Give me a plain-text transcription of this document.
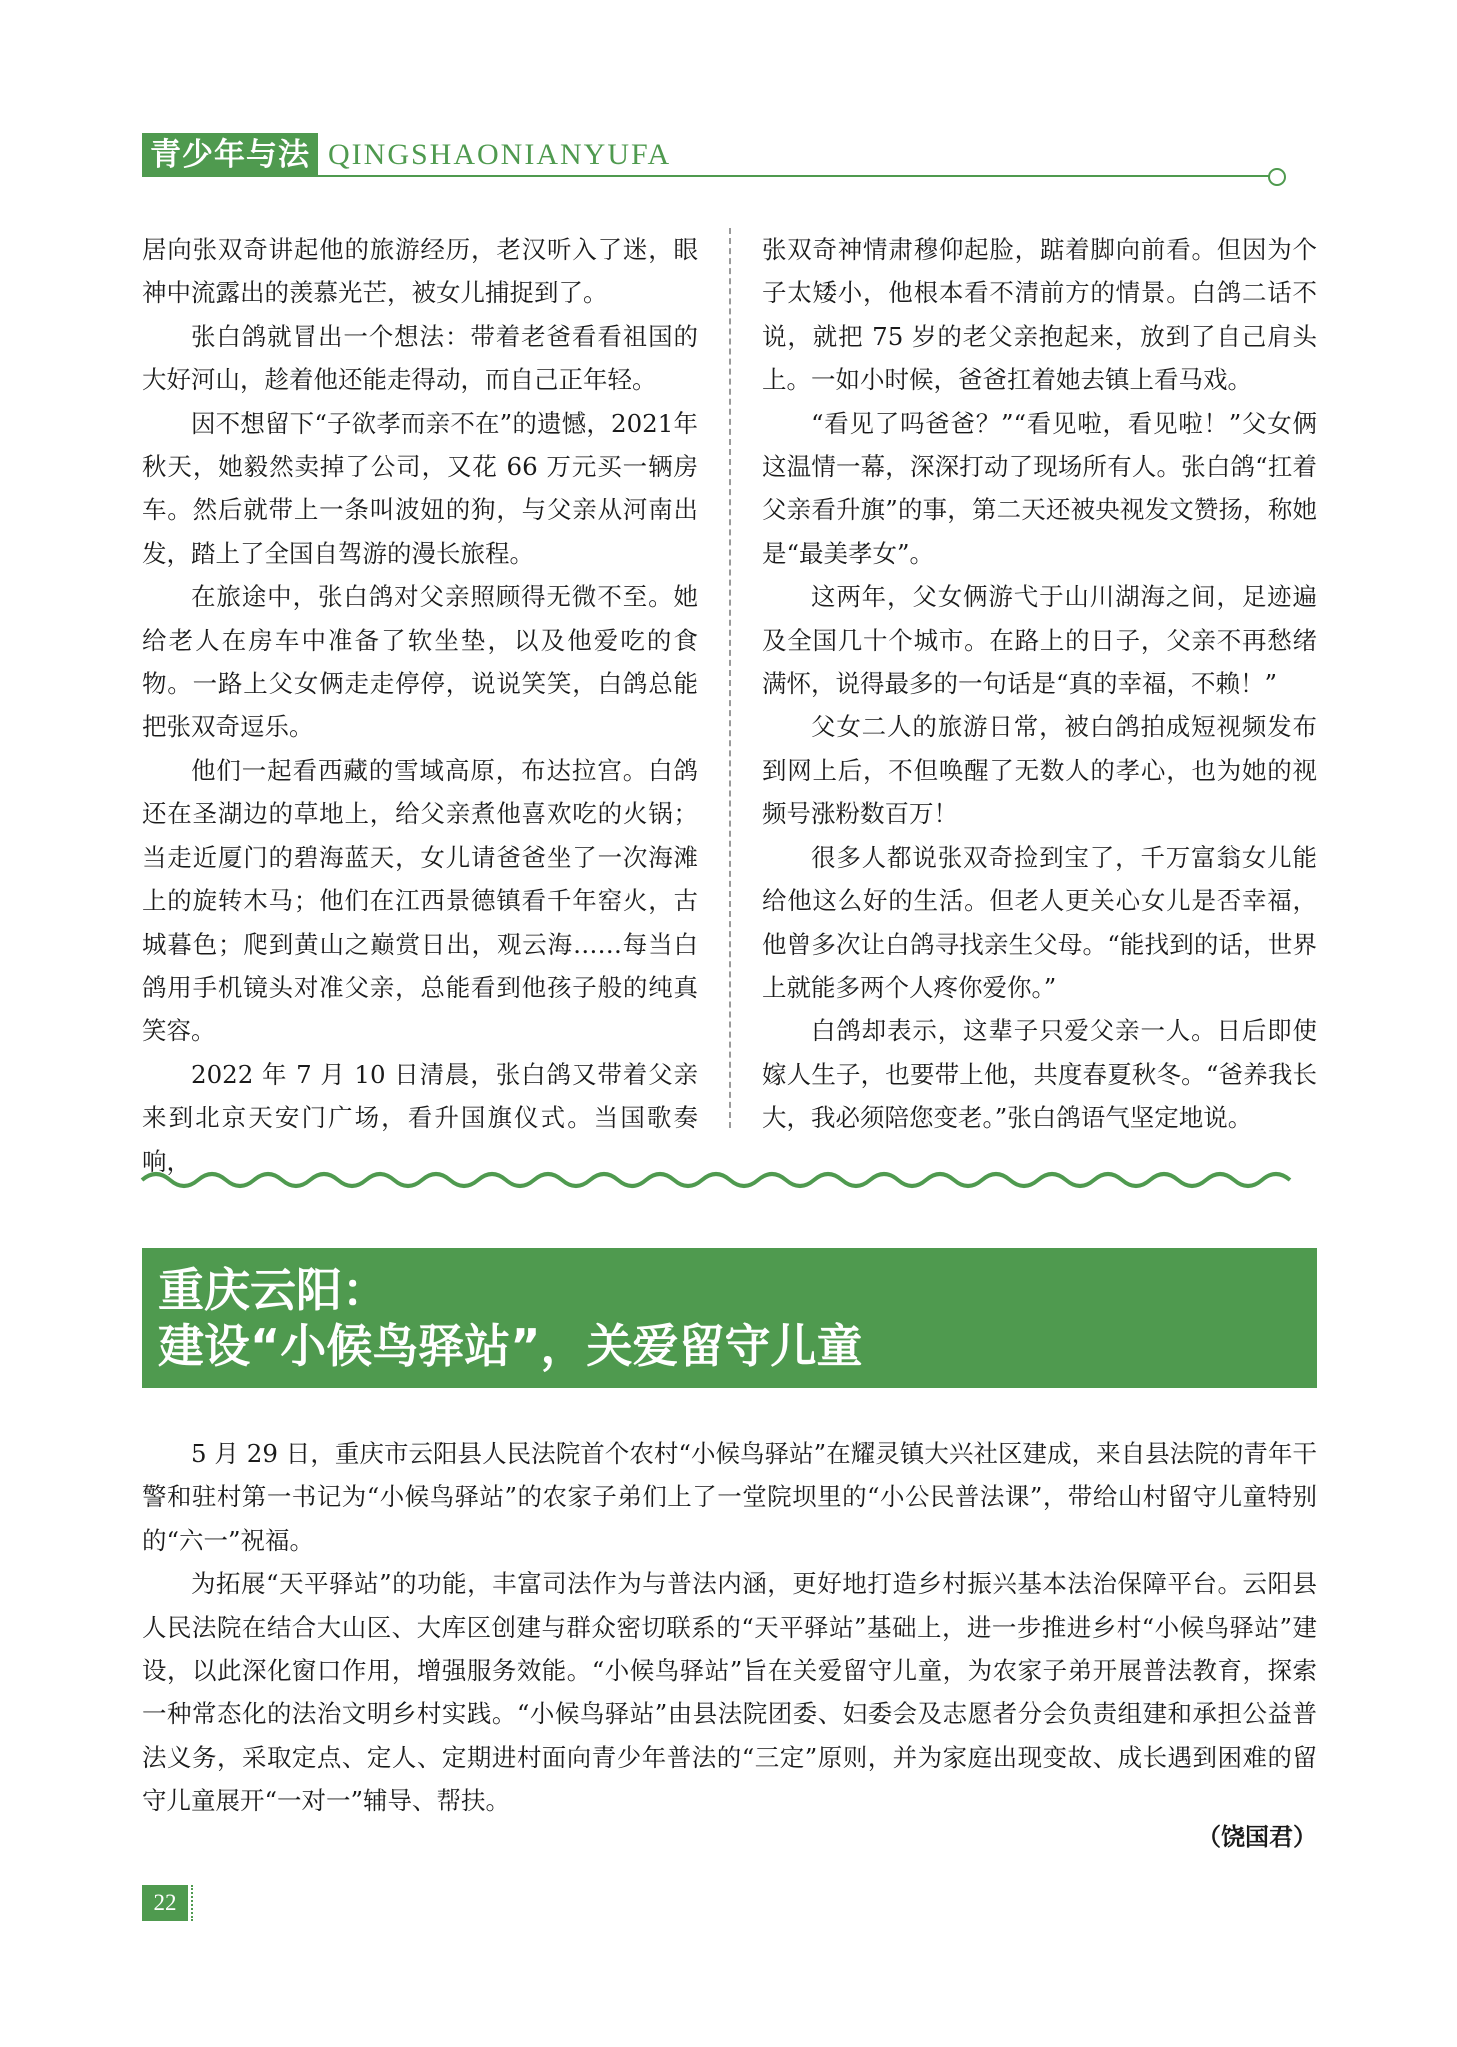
青少年与法 QINGSHAONIANYUFA

居向张双奇讲起他的旅游经历，老汉听入了迷，眼神中流露出的羡慕光芒，被女儿捕捉到了。

张白鸽就冒出一个想法：带着老爸看看祖国的大好河山，趁着他还能走得动，而自己正年轻。

因不想留下“子欲孝而亲不在”的遗憾，2021年秋天，她毅然卖掉了公司，又花 66 万元买一辆房车。然后就带上一条叫波妞的狗，与父亲从河南出发，踏上了全国自驾游的漫长旅程。

在旅途中，张白鸽对父亲照顾得无微不至。她给老人在房车中准备了软坐垫，以及他爱吃的食物。一路上父女俩走走停停，说说笑笑，白鸽总能把张双奇逗乐。

他们一起看西藏的雪域高原，布达拉宫。白鸽还在圣湖边的草地上，给父亲煮他喜欢吃的火锅；当走近厦门的碧海蓝天，女儿请爸爸坐了一次海滩上的旋转木马；他们在江西景德镇看千年窑火，古城暮色；爬到黄山之巅赏日出，观云海……每当白鸽用手机镜头对准父亲，总能看到他孩子般的纯真笑容。

2022 年 7 月 10 日清晨，张白鸽又带着父亲来到北京天安门广场，看升国旗仪式。当国歌奏响，

张双奇神情肃穆仰起脸，踮着脚向前看。但因为个子太矮小，他根本看不清前方的情景。白鸽二话不说，就把 75 岁的老父亲抱起来，放到了自己肩头上。一如小时候，爸爸扛着她去镇上看马戏。

“看见了吗爸爸？”“看见啦，看见啦！”父女俩这温情一幕，深深打动了现场所有人。张白鸽“扛着父亲看升旗”的事，第二天还被央视发文赞扬，称她是“最美孝女”。

这两年，父女俩游弋于山川湖海之间，足迹遍及全国几十个城市。在路上的日子，父亲不再愁绪满怀，说得最多的一句话是“真的幸福，不赖！”

父女二人的旅游日常，被白鸽拍成短视频发布到网上后，不但唤醒了无数人的孝心，也为她的视频号涨粉数百万！

很多人都说张双奇捡到宝了，千万富翁女儿能给他这么好的生活。但老人更关心女儿是否幸福，他曾多次让白鸽寻找亲生父母。“能找到的话，世界上就能多两个人疼你爱你。”

白鸽却表示，这辈子只爱父亲一人。日后即使嫁人生子，也要带上他，共度春夏秋冬。“爸养我长大，我必须陪您变老。”张白鸽语气坚定地说。

重庆云阳：
建设“小候鸟驿站”，关爱留守儿童

5 月 29 日，重庆市云阳县人民法院首个农村“小候鸟驿站”在耀灵镇大兴社区建成，来自县法院的青年干警和驻村第一书记为“小候鸟驿站”的农家子弟们上了一堂院坝里的“小公民普法课”，带给山村留守儿童特别的“六一”祝福。

为拓展“天平驿站”的功能，丰富司法作为与普法内涵，更好地打造乡村振兴基本法治保障平台。云阳县人民法院在结合大山区、大库区创建与群众密切联系的“天平驿站”基础上，进一步推进乡村“小候鸟驿站”建设，以此深化窗口作用，增强服务效能。“小候鸟驿站”旨在关爱留守儿童，为农家子弟开展普法教育，探索一种常态化的法治文明乡村实践。“小候鸟驿站”由县法院团委、妇委会及志愿者分会负责组建和承担公益普法义务，采取定点、定人、定期进村面向青少年普法的“三定”原则，并为家庭出现变故、成长遇到困难的留守儿童展开“一对一”辅导、帮扶。

（饶国君）
22
